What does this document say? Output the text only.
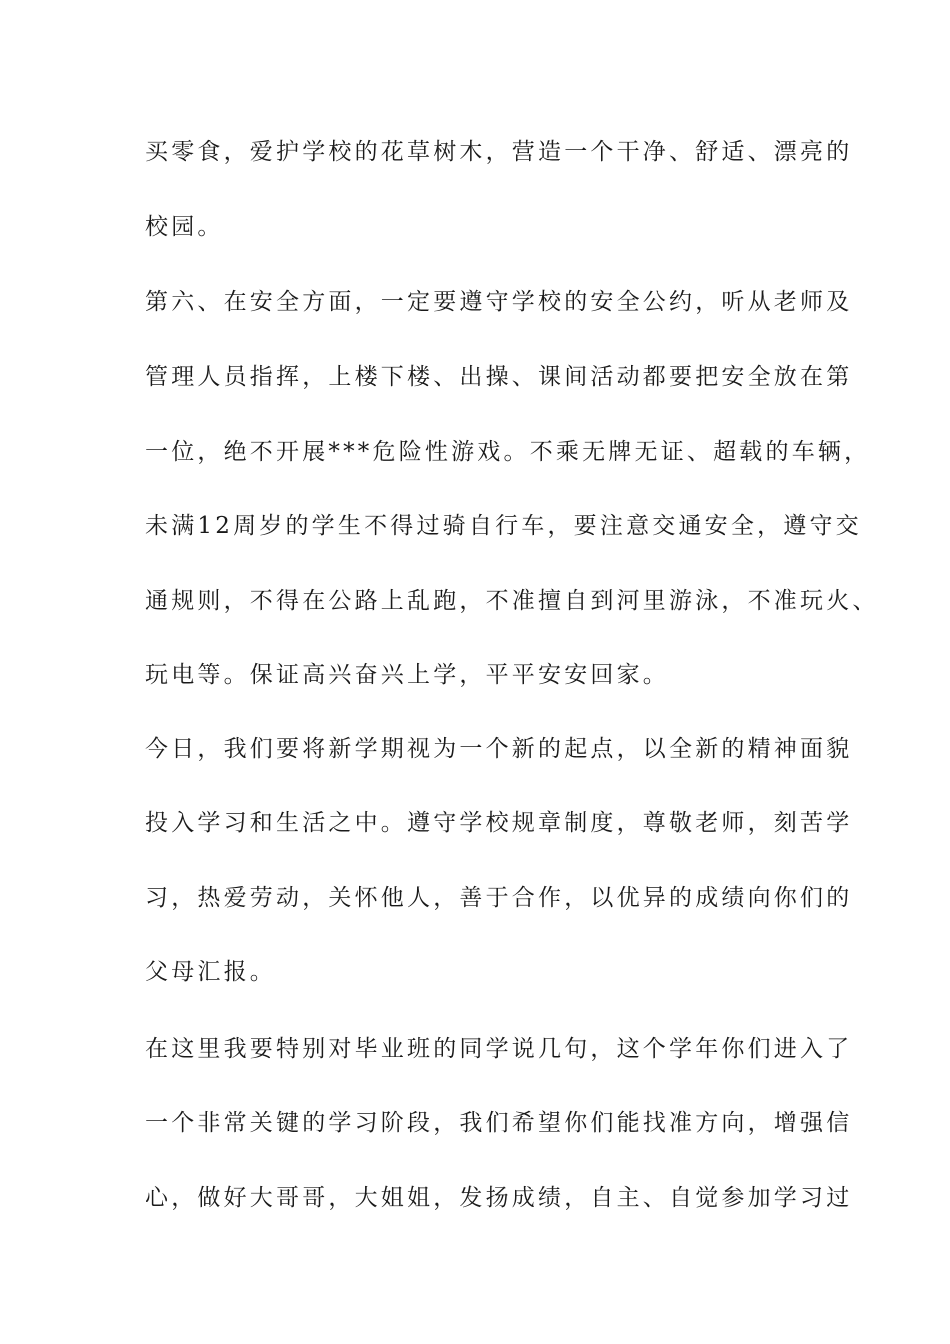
买零食，爱护学校的花草树木，营造一个干净、舒适、漂亮的
校园。
第六、在安全方面，一定要遵守学校的安全公约，听从老师及
管理人员指挥，上楼下楼、出操、课间活动都要把安全放在第
一位，绝不开展***危险性游戏。不乘无牌无证、超载的车辆，
未满12周岁的学生不得过骑自行车，要注意交通安全，遵守交
通规则，不得在公路上乱跑，不准擅自到河里游泳，不准玩火、
玩电等。保证高兴奋兴上学，平平安安回家。
今日，我们要将新学期视为一个新的起点，以全新的精神面貌
投入学习和生活之中。遵守学校规章制度，尊敬老师，刻苦学
习，热爱劳动，关怀他人，善于合作，以优异的成绩向你们的
父母汇报。
在这里我要特别对毕业班的同学说几句，这个学年你们进入了
一个非常关键的学习阶段，我们希望你们能找准方向，增强信
心，做好大哥哥，大姐姐，发扬成绩，自主、自觉参加学习过
